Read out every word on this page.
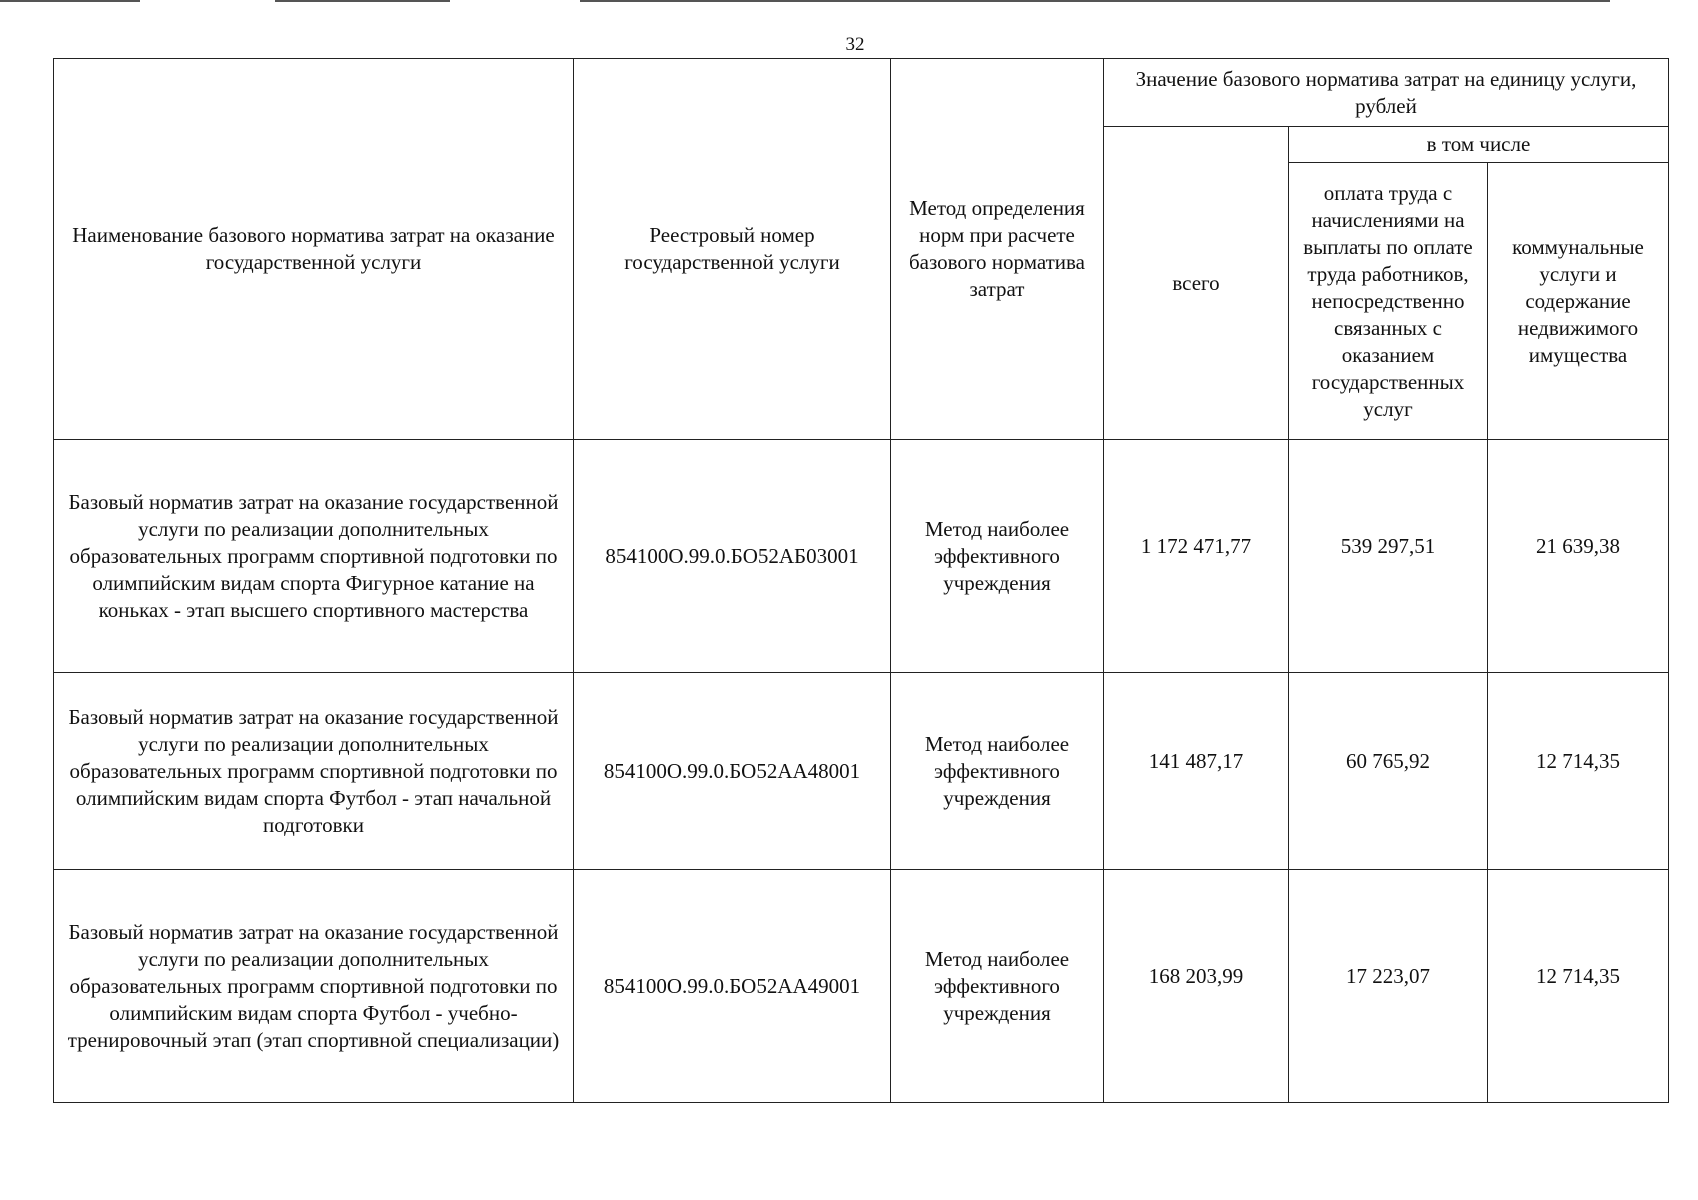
32
Наименование базового норматива затрат на оказание государственной услуги	Реестровый номер государственной услуги	Метод определения норм при расчете базового норматива затрат	Значение базового норматива затрат на единицу услуги, рублей		
			всего	в том числе	
				оплата труда с начислениями на выплаты по оплате труда работников, непосредственно связанных с оказанием государственных услуг	коммунальные услуги и содержание недвижимого имущества
Базовый норматив затрат на оказание государственной услуги по реализации дополнительных образовательных программ спортивной подготовки по олимпийским видам спорта Фигурное катание на коньках - этап высшего спортивного мастерства	854100О.99.0.БО52АБ03001	Метод наиболее эффективного учреждения	1 172 471,77	539 297,51	21 639,38
Базовый норматив затрат на оказание государственной услуги по реализации дополнительных образовательных программ спортивной подготовки по олимпийским видам спорта Футбол - этап начальной подготовки	854100О.99.0.БО52АА48001	Метод наиболее эффективного учреждения	141 487,17	60 765,92	12 714,35
Базовый норматив затрат на оказание государственной услуги по реализации дополнительных образовательных программ спортивной подготовки по олимпийским видам спорта Футбол - учебно-тренировочный этап (этап спортивной специализации)	854100О.99.0.БО52АА49001	Метод наиболее эффективного учреждения	168 203,99	17 223,07	12 714,35
